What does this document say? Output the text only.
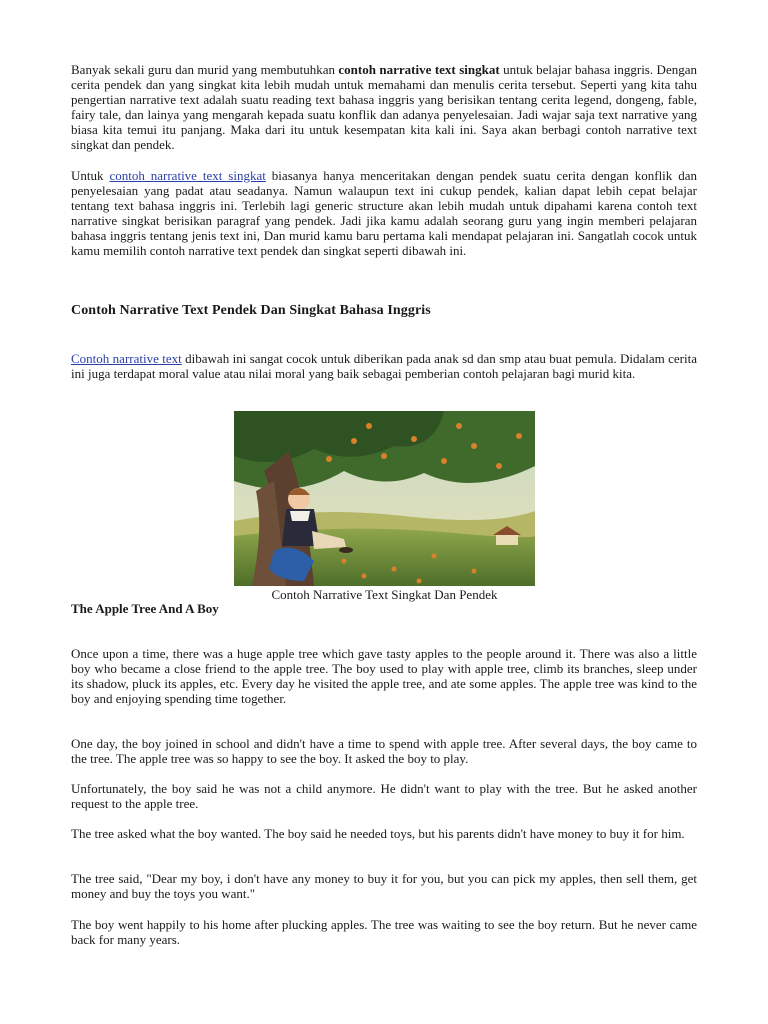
Banyak sekali guru dan murid yang membutuhkan contoh narrative text singkat untuk belajar bahasa inggris. Dengan cerita pendek dan yang singkat kita lebih mudah untuk memahami dan menulis cerita tersebut. Seperti yang kita tahu pengertian narrative text adalah suatu reading text bahasa inggris yang berisikan tentang cerita legend, dongeng, fable, fairy tale, dan lainya yang mengarah kepada suatu konflik dan adanya penyelesaian. Jadi wajar saja text narrative yang biasa kita temui itu panjang. Maka dari itu untuk kesempatan kita kali ini. Saya akan berbagi contoh narrative text singkat dan pendek.

Untuk contoh narrative text singkat biasanya hanya menceritakan dengan pendek suatu cerita dengan konflik dan penyelesaian yang padat atau seadanya. Namun walaupun text ini cukup pendek, kalian dapat lebih cepat belajar tentang text bahasa inggris ini. Terlebih lagi generic structure akan lebih mudah untuk dipahami karena contoh text narrative singkat berisikan paragraf yang pendek. Jadi jika kamu adalah seorang guru yang ingin memberi pelajaran bahasa inggris tentang jenis text ini, Dan murid kamu baru pertama kali mendapat pelajaran ini. Sangatlah cocok untuk kamu memilih contoh narrative text pendek dan singkat seperti dibawah ini.

Contoh Narrative Text Pendek Dan Singkat Bahasa Inggris

Contoh narrative text dibawah ini sangat cocok untuk diberikan pada anak sd dan smp atau buat pemula. Didalam cerita ini juga terdapat moral value atau nilai moral yang baik sebagai pemberian contoh pelajaran bagi murid kita.

Contoh Narrative Text Singkat Dan Pendek
The Apple Tree And A Boy

Once upon a time, there was a huge apple tree which gave tasty apples to the people around it. There was also a little boy who became a close friend to the apple tree. The boy used to play with apple tree, climb its branches, sleep under its shadow, pluck its apples, etc. Every day he visited the apple tree, and ate some apples. The apple tree was kind to the boy and enjoying spending time together.

One day, the boy joined in school and didn't have a time to spend with apple tree. After several days, the boy came to the tree. The apple tree was so happy to see the boy. It asked the boy to play.

Unfortunately, the boy said he was not a child anymore. He didn't want to play with the tree. But he asked another request to the apple tree.

The tree asked what the boy wanted. The boy said he needed toys, but his parents didn't have money to buy it for him.

The tree said, "Dear my boy, i don't have any money to buy it for you, but you can pick my apples, then sell them, get money and buy the toys you want."

The boy went happily to his home after plucking apples. The tree was waiting to see the boy return. But he never came back for many years.
